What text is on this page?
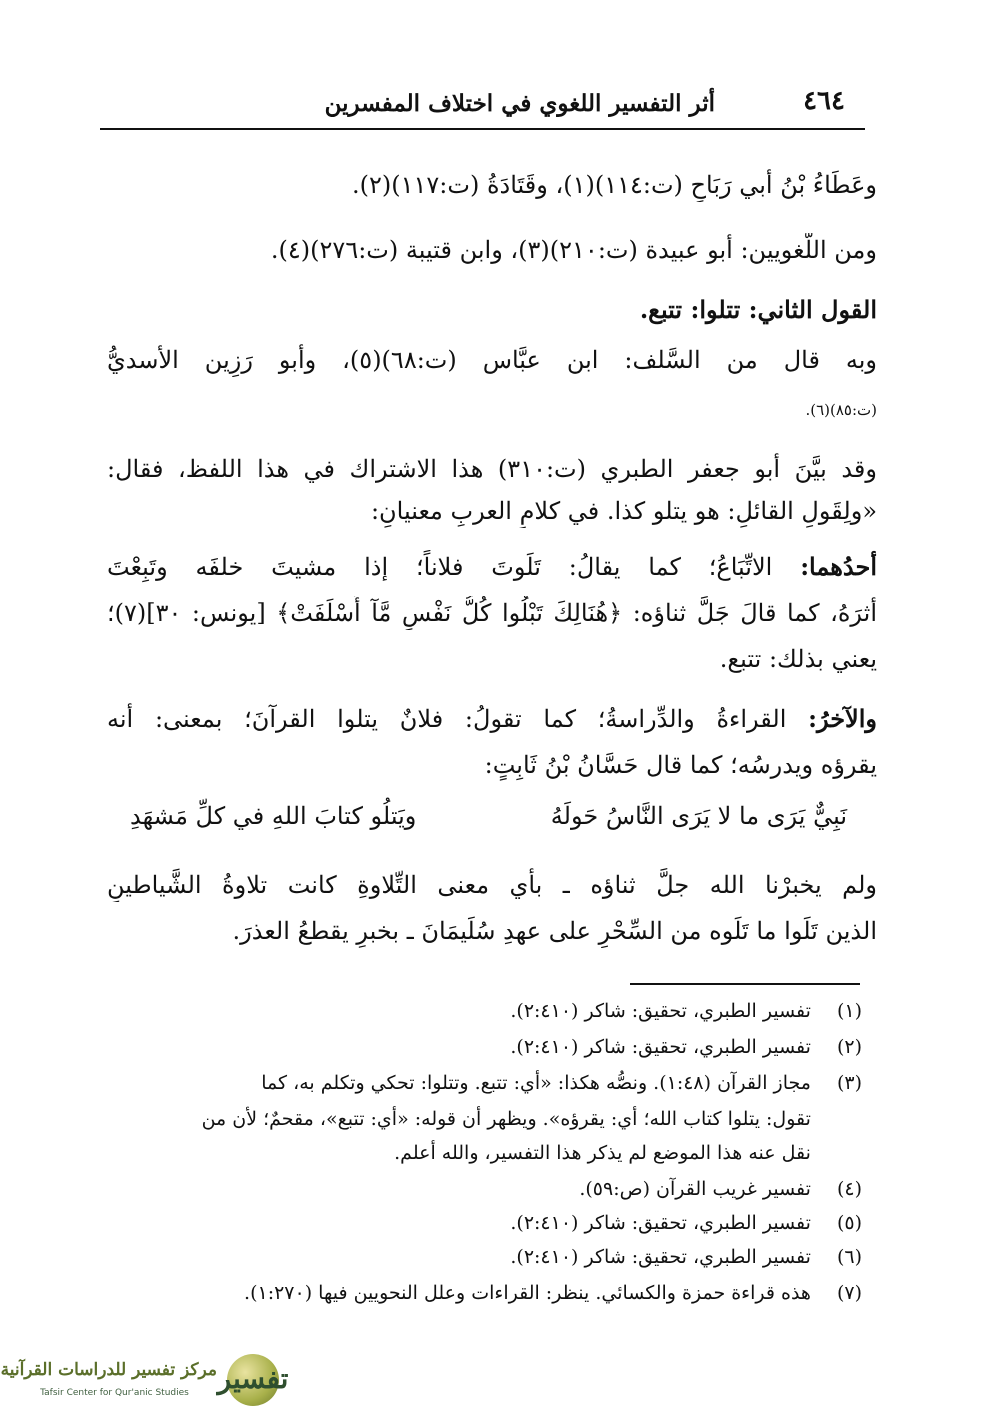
أثر التفسير اللغوي في اختلاف المفسرين	٤٦٤
وعَطَاءُ بْنُ أبي رَبَاحٍ (ت:١١٤)(١)، وقَتَادَةُ (ت:١١٧)(٢).
ومن اللُّغويين: أبو عبيدة (ت:٢١٠)(٣)، وابن قتيبة (ت:٢٧٦)(٤).
القول الثاني: تتلوا: تتبع.
وبه قال من السَّلف: ابن عبَّاس (ت:٦٨)(٥)، وأبو رَزِين الأسديُّ
(ت:٨٥)(٦).
وقد بيَّنَ أبو جعفر الطبري (ت:٣١٠) هذا الاشتراك في هذا اللفظ، فقال:
«ولِقَولِ القائلِ: هو يتلو كذا. في كلامِ العربِ معنيانِ:
أحدُهما: الاتِّبَاعُ؛ كما يقالُ: تَلَوتَ فلاناً؛ إذا مشيتَ خلفَه وتَبِعْتَ
أثرَهُ، كما قالَ جَلَّ ثناؤه: ﴿هُنَالِكَ تَبْلُوا كُلُّ نَفْسٍ مَّآ أَسْلَفَتْ﴾ [يونس: ٣٠](٧)؛
يعني بذلك: تتبع.
والآخرُ: القراءةُ والدِّراسةُ؛ كما تقولُ: فلانٌ يتلوا القرآنَ؛ بمعنى: أنه
يقرؤه ويدرسُه؛ كما قال حَسَّانُ بْنُ ثَابِتٍ:
نَبِيٌّ يَرَى ما لا يَرَى النَّاسُ حَولَهُ
ويَتلُو كتابَ اللهِ في كلِّ مَشهَدِ
ولم يخبرْنا الله جلَّ ثناؤه ـ بأي معنى التِّلاوةِ كانت تلاوةُ الشَّياطينِ
الذين تَلَوا ما تَلَوه من السِّحْرِ على عهدِ سُلَيمَانَ ـ بخبرٍ يقطعُ العذرَ.
(١) تفسير الطبري، تحقيق: شاكر (٢:٤١٠).
(٢) تفسير الطبري، تحقيق: شاكر (٢:٤١٠).
(٣) مجاز القرآن (١:٤٨). ونصُّه هكذا: «أي: تتبع. وتتلوا: تحكي وتكلم به، كما
تقول: يتلوا كتاب الله؛ أي: يقرؤه». ويظهر أن قوله: «أي: تتبع»، مقحمٌ؛ لأن من
نقل عنه هذا الموضع لم يذكر هذا التفسير، والله أعلم.
(٤) تفسير غريب القرآن (ص:٥٩).
(٥) تفسير الطبري، تحقيق: شاكر (٢:٤١٠).
(٦) تفسير الطبري، تحقيق: شاكر (٢:٤١٠).
(٧) هذه قراءة حمزة والكسائي. ينظر: القراءات وعلل النحويين فيها (١:٢٧٠).
تفسير
مركز تفسير للدراسات القرآنية
Tafsir Center for Qur'anic Studies
